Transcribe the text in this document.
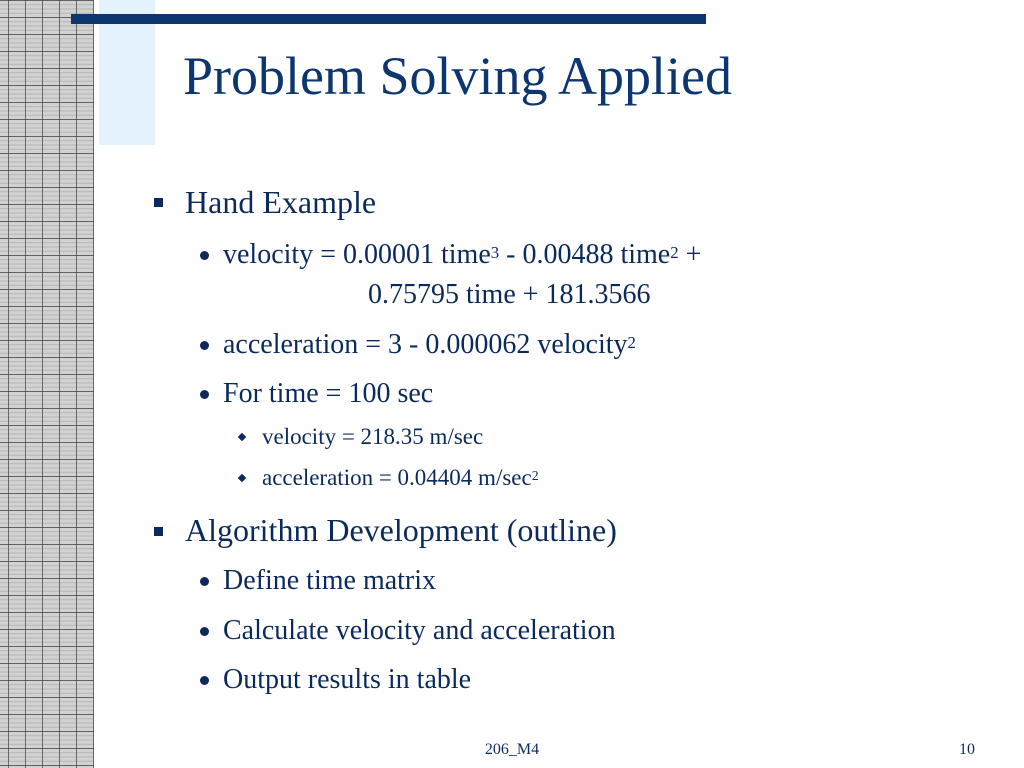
Problem Solving Applied
Hand Example
velocity = 0.00001 time$^3$ - 0.00488 time$^2$ +
0.75795 time + 181.3566
acceleration = 3 - 0.000062 velocity$^2$
For time = 100 sec
velocity = 218.35 m/sec
acceleration = 0.04404 $m/\sec^2$
Algorithm Development (outline)
Define time matrix
Calculate velocity and acceleration
Output results in table
206_M4	10
